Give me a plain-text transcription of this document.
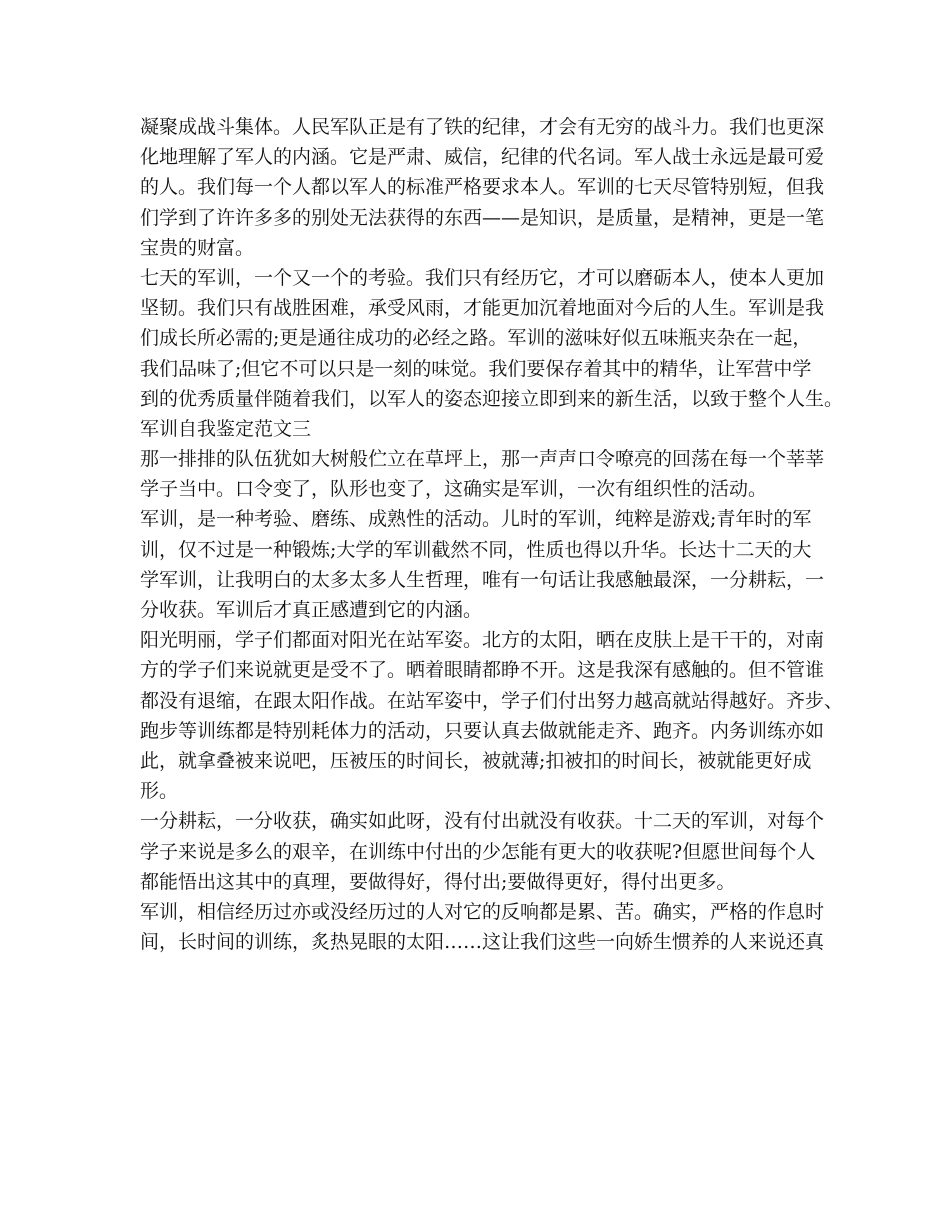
凝聚成战斗集体。人民军队正是有了铁的纪律，才会有无穷的战斗力。我们也更深
化地理解了军人的内涵。它是严肃、威信，纪律的代名词。军人战士永远是最可爱
的人。我们每一个人都以军人的标准严格要求本人。军训的七天尽管特别短，但我
们学到了许许多多的别处无法获得的东西——是知识，是质量，是精神，更是一笔
宝贵的财富。
七天的军训，一个又一个的考验。我们只有经历它，才可以磨砺本人，使本人更加
坚韧。我们只有战胜困难，承受风雨，才能更加沉着地面对今后的人生。军训是我
们成长所必需的;更是通往成功的必经之路。军训的滋味好似五味瓶夹杂在一起，
我们品味了;但它不可以只是一刻的味觉。我们要保存着其中的精华，让军营中学
到的优秀质量伴随着我们，以军人的姿态迎接立即到来的新生活，以致于整个人生。
军训自我鉴定范文三
那一排排的队伍犹如大树般伫立在草坪上，那一声声口令嘹亮的回荡在每一个莘莘
学子当中。口令变了，队形也变了，这确实是军训，一次有组织性的活动。
军训，是一种考验、磨练、成熟性的活动。儿时的军训，纯粹是游戏;青年时的军
训，仅不过是一种锻炼;大学的军训截然不同，性质也得以升华。长达十二天的大
学军训，让我明白的太多太多人生哲理，唯有一句话让我感触最深，一分耕耘，一
分收获。军训后才真正感遭到它的内涵。
阳光明丽，学子们都面对阳光在站军姿。北方的太阳，晒在皮肤上是干干的，对南
方的学子们来说就更是受不了。晒着眼睛都睁不开。这是我深有感触的。但不管谁
都没有退缩，在跟太阳作战。在站军姿中，学子们付出努力越高就站得越好。齐步、
跑步等训练都是特别耗体力的活动，只要认真去做就能走齐、跑齐。内务训练亦如
此，就拿叠被来说吧，压被压的时间长，被就薄;扣被扣的时间长，被就能更好成
形。
一分耕耘，一分收获，确实如此呀，没有付出就没有收获。十二天的军训，对每个
学子来说是多么的艰辛，在训练中付出的少怎能有更大的收获呢?但愿世间每个人
都能悟出这其中的真理，要做得好，得付出;要做得更好，得付出更多。
军训，相信经历过亦或没经历过的人对它的反响都是累、苦。确实，严格的作息时
间，长时间的训练，炙热晃眼的太阳……这让我们这些一向娇生惯养的人来说还真
